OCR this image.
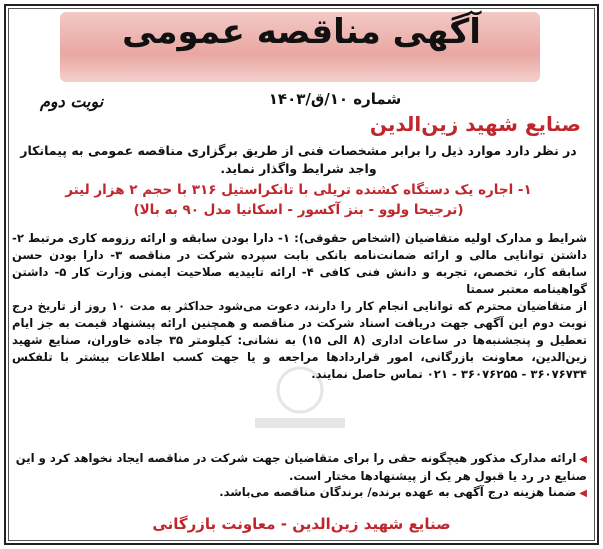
آگهی مناقصه عمومی
شماره ۱۰/ق/۱۴۰۳
نوبت دوم
صنایع شهید زین‌الدین
در نظر دارد موارد ذیل را برابر مشخصات فنی از طریق برگزاری مناقصه عمومی به پیمانکار واجد شرایط واگذار نماید.
۱- اجاره یک دستگاه کشنده تریلی با تانکراستیل ۳۱۶ با حجم ۲ هزار لیتر
(ترجیحا ولوو - بنز آکسور - اسکانیا مدل ۹۰ به بالا)
شرایط و مدارک اولیه متقاضیان (اشخاص حقوقی): ۱- دارا بودن سابقه و ارائه رزومه کاری مرتبط ۲- داشتن توانایی مالی و ارائه ضمانت‌نامه بانکی بابت سپرده شرکت در مناقصه ۳- دارا بودن حسن سابقه کار، تخصص، تجربه و دانش فنی کافی ۴- ارائه تاییدیه صلاحیت ایمنی وزارت کار ۵- داشتن گواهینامه معتبر سمتا
از متقاضیان محترم که توانایی انجام کار را دارند، دعوت می‌شود حداکثر به مدت ۱۰ روز از تاریخ درج نوبت دوم این آگهی جهت دریافت اسناد شرکت در مناقصه و همچنین ارائه پیشنهاد قیمت به جز ایام تعطیل و پنجشنبه‌ها در ساعات اداری (۸ الی ۱۵) به نشانی: کیلومتر ۳۵ جاده خاوران، صنایع شهید زین‌الدین، معاونت بازرگانی، امور قراردادها مراجعه و یا جهت کسب اطلاعات بیشتر با تلفکس ۳۶۰۷۶۷۳۴ - ۳۶۰۷۶۲۵۵ - ۰۲۱ تماس حاصل نمایند.
◀ارائه مدارک مذکور هیچگونه حقی را برای متقاضیان جهت شرکت در مناقصه ایجاد نخواهد کرد و این صنایع در رد یا قبول هر یک از پیشنهادها مختار است.
◀ضمنا هزینه درج آگهی به عهده برنده/ برندگان مناقصه می‌باشد.
صنایع شهید زین‌الدین - معاونت بازرگانی
